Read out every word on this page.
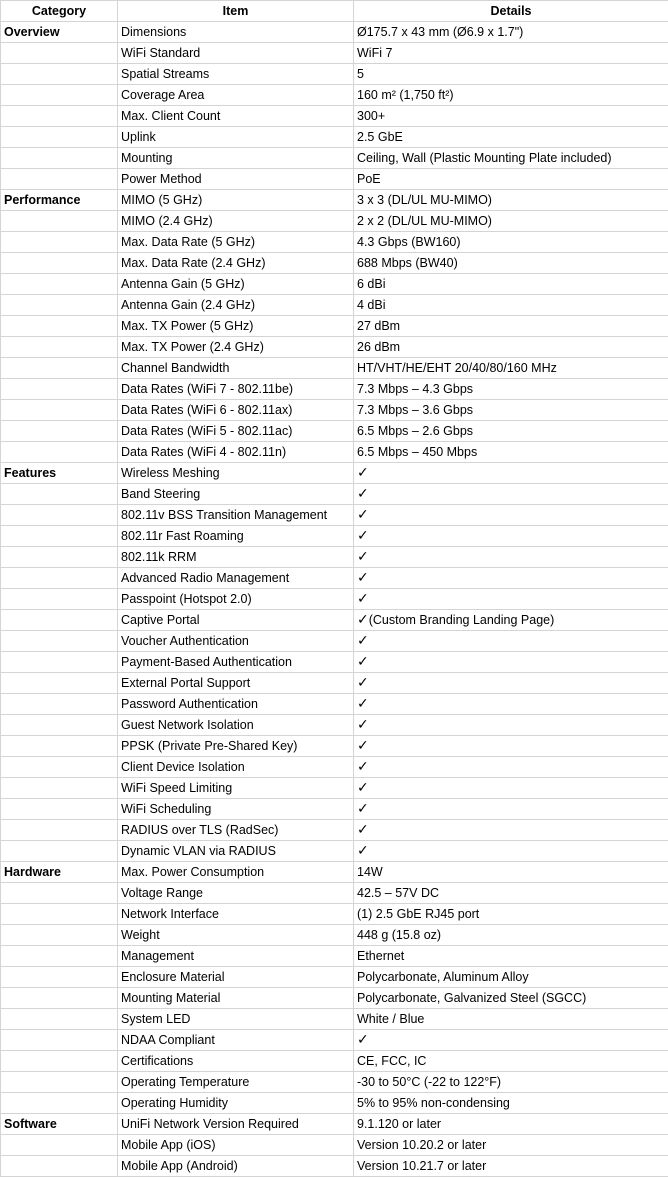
Category	Item	Details
Overview	Dimensions	Ø175.7 x 43 mm (Ø6.9 x 1.7")
	WiFi Standard	WiFi 7
	Spatial Streams	5
	Coverage Area	160 m² (1,750 ft²)
	Max. Client Count	300+
	Uplink	2.5 GbE
	Mounting	Ceiling, Wall (Plastic Mounting Plate included)
	Power Method	PoE
Performance	MIMO (5 GHz)	3 x 3 (DL/UL MU-MIMO)
	MIMO (2.4 GHz)	2 x 2 (DL/UL MU-MIMO)
	Max. Data Rate (5 GHz)	4.3 Gbps (BW160)
	Max. Data Rate (2.4 GHz)	688 Mbps (BW40)
	Antenna Gain (5 GHz)	6 dBi
	Antenna Gain (2.4 GHz)	4 dBi
	Max. TX Power (5 GHz)	27 dBm
	Max. TX Power (2.4 GHz)	26 dBm
	Channel Bandwidth	HT/VHT/HE/EHT 20/40/80/160 MHz
	Data Rates (WiFi 7 - 802.11be)	7.3 Mbps – 4.3 Gbps
	Data Rates (WiFi 6 - 802.11ax)	7.3 Mbps – 3.6 Gbps
	Data Rates (WiFi 5 - 802.11ac)	6.5 Mbps – 2.6 Gbps
	Data Rates (WiFi 4 - 802.11n)	6.5 Mbps – 450 Mbps
Features	Wireless Meshing	✓
	Band Steering	✓
	802.11v BSS Transition Management	✓
	802.11r Fast Roaming	✓
	802.11k RRM	✓
	Advanced Radio Management	✓
	Passpoint (Hotspot 2.0)	✓
	Captive Portal	✓(Custom Branding Landing Page)
	Voucher Authentication	✓
	Payment-Based Authentication	✓
	External Portal Support	✓
	Password Authentication	✓
	Guest Network Isolation	✓
	PPSK (Private Pre-Shared Key)	✓
	Client Device Isolation	✓
	WiFi Speed Limiting	✓
	WiFi Scheduling	✓
	RADIUS over TLS (RadSec)	✓
	Dynamic VLAN via RADIUS	✓
Hardware	Max. Power Consumption	14W
	Voltage Range	42.5 – 57V DC
	Network Interface	(1) 2.5 GbE RJ45 port
	Weight	448 g (15.8 oz)
	Management	Ethernet
	Enclosure Material	Polycarbonate, Aluminum Alloy
	Mounting Material	Polycarbonate, Galvanized Steel (SGCC)
	System LED	White / Blue
	NDAA Compliant	✓
	Certifications	CE, FCC, IC
	Operating Temperature	-30 to 50°C (-22 to 122°F)
	Operating Humidity	5% to 95% non-condensing
Software	UniFi Network Version Required	9.1.120 or later
	Mobile App (iOS)	Version 10.20.2 or later
	Mobile App (Android)	Version 10.21.7 or later
